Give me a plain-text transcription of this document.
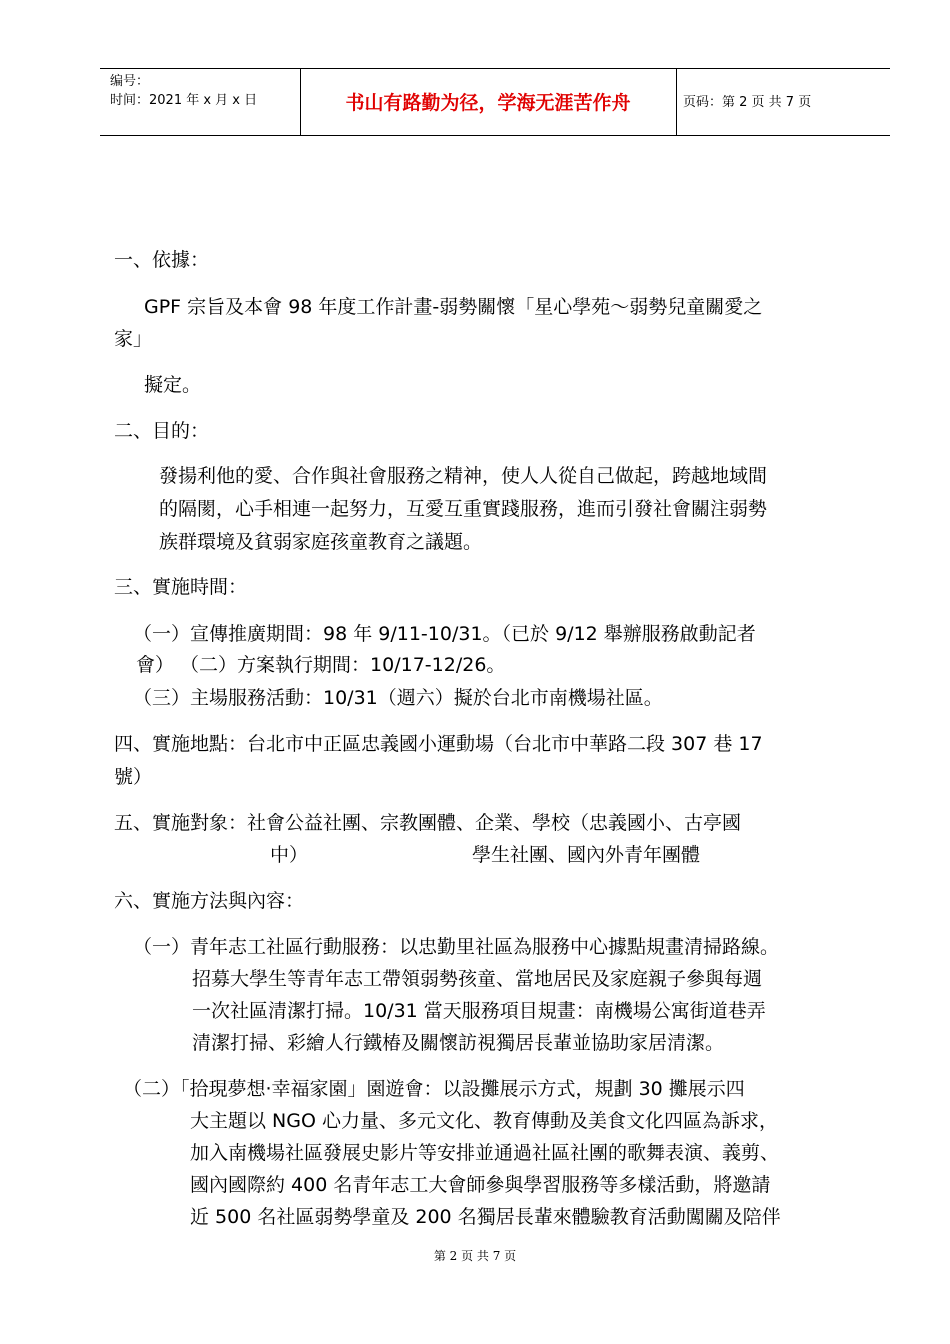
编号：
时间：2021 年 x 月 x 日	书山有路勤为径，学海无涯苦作舟	页码：第 2 页 共 7 页
一、依據：
GPF 宗旨及本會 98 年度工作計畫-弱勢關懷「星心學苑～弱勢兒童關愛之
家」
擬定。
二、目的：
發揚利他的愛、合作與社會服務之精神，使人人從自己做起，跨越地域間
的隔閡，心手相連一起努力，互愛互重實踐服務，進而引發社會關注弱勢
族群環境及貧弱家庭孩童教育之議題。
三、實施時間：
（一）宣傳推廣期間：98 年 9/11-10/31。（已於 9/12 舉辦服務啟動記者
會） （二）方案執行期間：10/17-12/26。
（三）主場服務活動：10/31（週六）擬於台北市南機場社區。
四、實施地點：台北市中正區忠義國小運動場（台北市中華路二段 307 巷 17
號）
五、實施對象：社會公益社團、宗教團體、企業、學校（忠義國小、古亭國
中）	學生社團、國內外青年團體
六、實施方法與內容：
（一）青年志工社區行動服務：以忠勤里社區為服務中心據點規畫清掃路線。
招募大學生等青年志工帶領弱勢孩童、當地居民及家庭親子參與每週
一次社區清潔打掃。10/31 當天服務項目規畫：南機場公寓街道巷弄
清潔打掃、彩繪人行鐵椿及關懷訪視獨居長輩並協助家居清潔。
（二）「拾現夢想‧幸福家園」園遊會：以設攤展示方式，規劃 30 攤展示四
大主題以 NGO 心力量、多元文化、教育傳動及美食文化四區為訴求，
加入南機場社區發展史影片等安排並通過社區社團的歌舞表演、義剪、
國內國際約 400 名青年志工大會師參與學習服務等多樣活動，將邀請
近 500 名社區弱勢學童及 200 名獨居長輩來體驗教育活動闖關及陪伴
第 2 页 共 7 页
